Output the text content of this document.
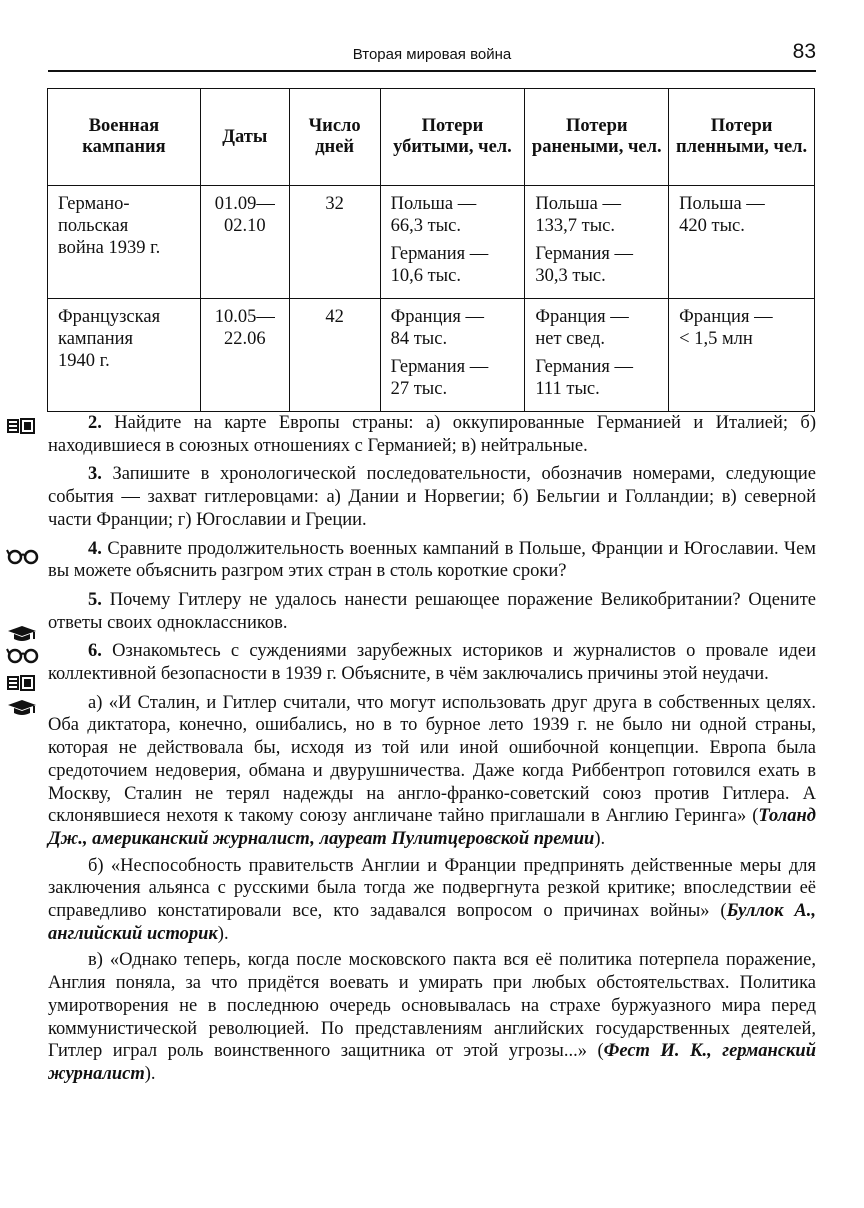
Вторая мировая война	83
Военная кампания	Даты	Число дней	Потери убитыми, чел.	Потери ранеными, чел.	Потери пленными, чел.

Германо-
польская
война 1939 г.	01.09—
02.10	32	Польша —
66,3 тыс.
Германия —
10,6 тыс.	Польша —
133,7 тыс.
Германия —
30,3 тыс.	Польша —
420 тыс.

Французская
кампания
1940 г.	10.05—
22.06	42	Франция —
84 тыс.
Германия —
27 тыс.	Франция —
нет свед.
Германия —
111 тыс.	Франция —
< 1,5 млн

2. Найдите на карте Европы страны: а) оккупированные Германией и Италией; б) находившиеся в союзных отношениях с Германией; в) нейтральные.

3. Запишите в хронологической последовательности, обозначив номерами, следующие события — захват гитлеровцами: а) Дании и Норвегии; б) Бельгии и Голландии; в) северной части Франции; г) Югославии и Греции.

4. Сравните продолжительность военных кампаний в Польше, Франции и Югославии. Чем вы можете объяснить разгром этих стран в столь короткие сроки?

5. Почему Гитлеру не удалось нанести решающее поражение Великобритании? Оцените ответы своих одноклассников.

6. Ознакомьтесь с суждениями зарубежных историков и журналистов о провале идеи коллективной безопасности в 1939 г. Объясните, в чём заключались причины этой неудачи.

а) «И Сталин, и Гитлер считали, что могут использовать друг друга в собственных целях. Оба диктатора, конечно, ошибались, но в то бурное лето 1939 г. не было ни одной страны, которая не действовала бы, исходя из той или иной ошибочной концепции. Европа была средоточием недоверия, обмана и двурушничества. Даже когда Риббентроп готовился ехать в Москву, Сталин не терял надежды на англо-франко-советский союз против Гитлера. А склонявшиеся нехотя к такому союзу англичане тайно приглашали в Англию Геринга» (Толанд Дж., американский журналист, лауреат Пулитцеровской премии).

б) «Неспособность правительств Англии и Франции предпринять действенные меры для заключения альянса с русскими была тогда же подвергнута резкой критике; впоследствии её справедливо констатировали все, кто задавался вопросом о причинах войны» (Буллок А., английский историк).

в) «Однако теперь, когда после московского пакта вся её политика потерпела поражение, Англия поняла, за что придётся воевать и умирать при любых обстоятельствах. Политика умиротворения не в последнюю очередь основывалась на страхе буржуазного мира перед коммунистической революцией. По представлениям английских государственных деятелей, Гитлер играл роль воинственного защитника от этой угрозы...» (Фест И. К., германский журналист).
